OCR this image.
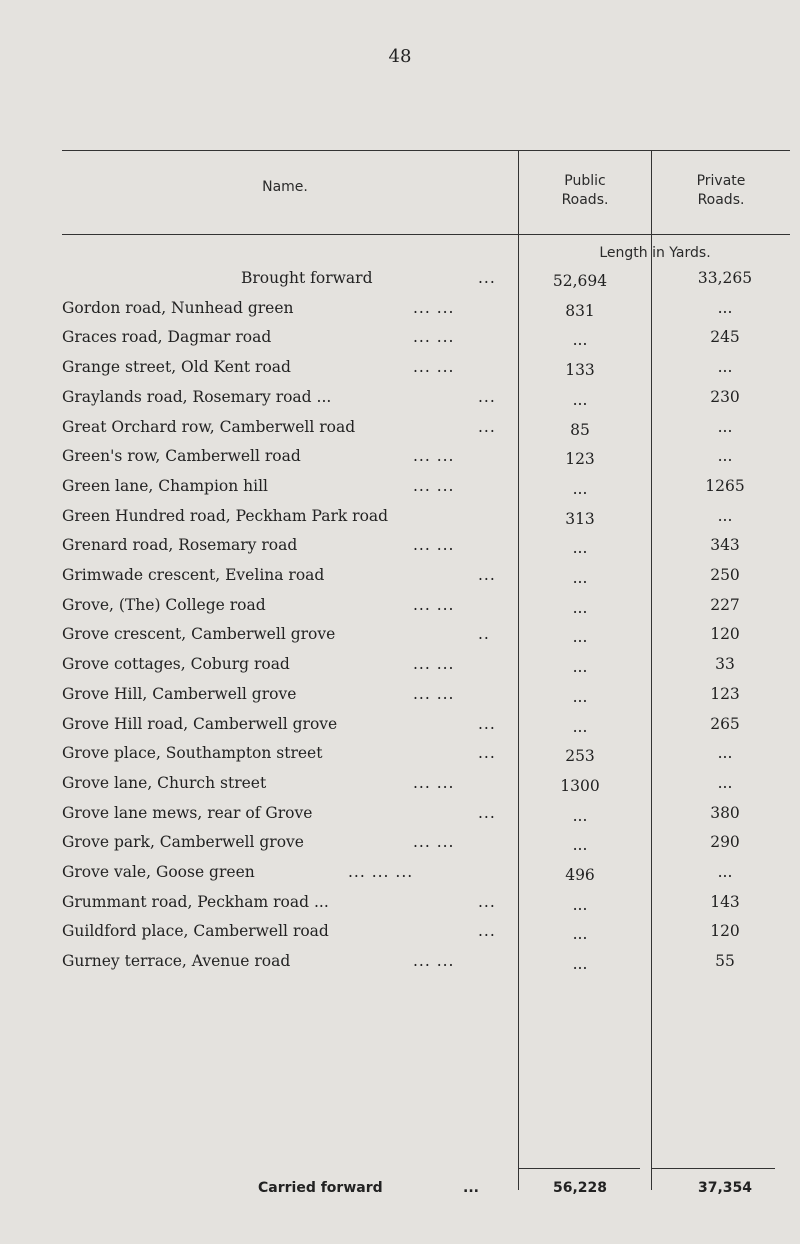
48
Name.	Public
Roads.
Private
Roads.
Length in Yards.
Brought forward	...	52,694	33,265
Gordon road, Nunhead green	... ...	831	...
Graces road, Dagmar road	... ...	...	245
Grange street, Old Kent road	... ...	133	...
Graylands road, Rosemary road ...	...	...	230
Great Orchard row, Camberwell road	...	85	...
Green's row, Camberwell road	... ...	123	...
Green lane, Champion hill	... ...	...	1265
Green Hundred road, Peckham Park road	313	...
Grenard road, Rosemary road	... ...	...	343
Grimwade crescent, Evelina road	...	...	250
Grove, (The) College road	... ...	...	227
Grove crescent, Camberwell grove	..	...	120
Grove cottages, Coburg road	... ...	...	33
Grove Hill, Camberwell grove	... ...	...	123
Grove Hill road, Camberwell grove	...	...	265
Grove place, Southampton street	...	253	...
Grove lane, Church street	... ...	1300	...
Grove lane mews, rear of Grove	...	...	380
Grove park, Camberwell grove	... ...	...	290
Grove vale, Goose green	... ... ...	496	...
Grummant road, Peckham road ...	...	...	143
Guildford place, Camberwell road	...	...	120
Gurney terrace, Avenue road	... ...	...	55
Carried forward	...	56,228	37,354
